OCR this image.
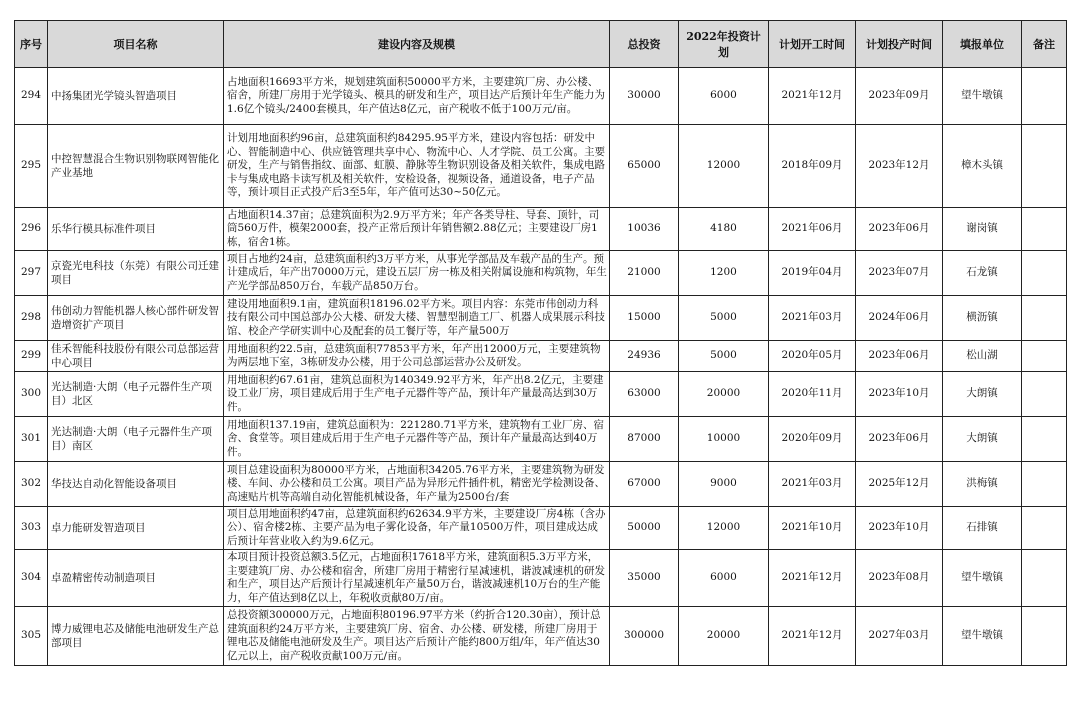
序号	项目名称	建设内容及规模	总投资	2022年投资计划	计划开工时间	计划投产时间	填报单位	备注
294	中扬集团光学镜头智造项目	占地面积16693平方米，规划建筑面积50000平方米，主要建筑厂房、办公楼、宿舍，所建厂房用于光学镜头、模具的研发和生产，项目达产后预计年生产能力为1.6亿个镜头/2400套模具，年产值达8亿元，亩产税收不低于100万元/亩。	30000	6000	2021年12月	2023年09月	望牛墩镇	
295	中控智慧混合生物识别物联网智能化产业基地	计划用地面积约96亩，总建筑面积约84295.95平方米，建设内容包括：研发中心、智能制造中心、供应链管理共享中心、物流中心、人才学院、员工公寓。主要研发，生产与销售指纹、面部、虹膜、静脉等生物识别设备及相关软件，集成电路卡与集成电路卡读写机及相关软件，安检设备，视频设备，通道设备，电子产品等，预计项目正式投产后3至5年，年产值可达30~50亿元。	65000	12000	2018年09月	2023年12月	樟木头镇	
296	乐华行模具标准件项目	占地面积14.37亩；总建筑面积为2.9万平方米；年产各类导柱、导套、顶针，司筒560万件，模架2000套，投产正常后预计年销售额2.88亿元；主要建设厂房1栋，宿舍1栋。	10036	4180	2021年06月	2023年06月	谢岗镇	
297	京瓷光电科技（东莞）有限公司迁建项目	项目占地约24亩，总建筑面积约3万平方米，从事光学部品及车载产品的生产。预计建成后，年产出70000万元，建设五层厂房一栋及相关附属设施和构筑物，年生产光学部品850万台，车载产品850万台。	21000	1200	2019年04月	2023年07月	石龙镇	
298	伟创动力智能机器人核心部件研发智造增资扩产项目	建设用地面积9.1亩，建筑面积18196.02平方米。项目内容：东莞市伟创动力科技有限公司中国总部办公大楼、研发大楼、智慧型制造工厂、机器人成果展示科技馆、校企产学研实训中心及配套的员工餐厅等，年产量500万	15000	5000	2021年03月	2024年06月	横沥镇	
299	佳禾智能科技股份有限公司总部运营中心项目	用地面积约22.5亩，总建筑面积77853平方米，年产出12000万元，主要建筑物为两层地下室，3栋研发办公楼，用于公司总部运营办公及研发。	24936	5000	2020年05月	2023年06月	松山湖	
300	光达制造·大朗（电子元器件生产项目）北区	用地面积约67.61亩，建筑总面积为140349.92平方米，年产出8.2亿元，主要建设工业厂房，项目建成后用于生产电子元器件等产品，预计年产量最高达到30万件。	63000	20000	2020年11月	2023年10月	大朗镇	
301	光达制造·大朗（电子元器件生产项目）南区	用地面积137.19亩，建筑总面积为：221280.71平方米，建筑物有工业厂房、宿舍、食堂等。项目建成后用于生产电子元器件等产品，预计年产量最高达到40万件。	87000	10000	2020年09月	2023年06月	大朗镇	
302	华技达自动化智能设备项目	项目总建设面积为80000平方米，占地面积34205.76平方米，主要建筑物为研发楼、车间、办公楼和员工公寓。项目产品为异形元件插件机，精密光学检测设备、高速贴片机等高端自动化智能机械设备，年产量为2500台/套	67000	9000	2021年03月	2025年12月	洪梅镇	
303	卓力能研发智造项目	项目总用地面积约47亩，总建筑面积约62634.9平方米，主要建设厂房4栋（含办公）、宿舍楼2栋、主要产品为电子雾化设备，年产量10500万件，项目建成达成后预计年营业收入约为9.6亿元。	50000	12000	2021年10月	2023年10月	石排镇	
304	卓盈精密传动制造项目	本项目预计投资总额3.5亿元，占地面积17618平方米，建筑面积5.3万平方米，主要建筑厂房、办公楼和宿舍，所建厂房用于精密行星减速机，谐波减速机的研发和生产，项目达产后预计行星减速机年产量50万台，谐波减速机10万台的生产能力，年产值达到8亿以上，年税收贡献80万/亩。	35000	6000	2021年12月	2023年08月	望牛墩镇	
305	博力威锂电芯及储能电池研发生产总部项目	总投资额300000万元，占地面积80196.97平方米（约折合120.30亩），预计总建筑面积约24万平方米，主要建筑厂房、宿舍、办公楼、研发楼，所建厂房用于锂电芯及储能电池研发及生产。项目达产后预计产能约800万组/年，年产值达30亿元以上，亩产税收贡献100万元/亩。	300000	20000	2021年12月	2027年03月	望牛墩镇	
